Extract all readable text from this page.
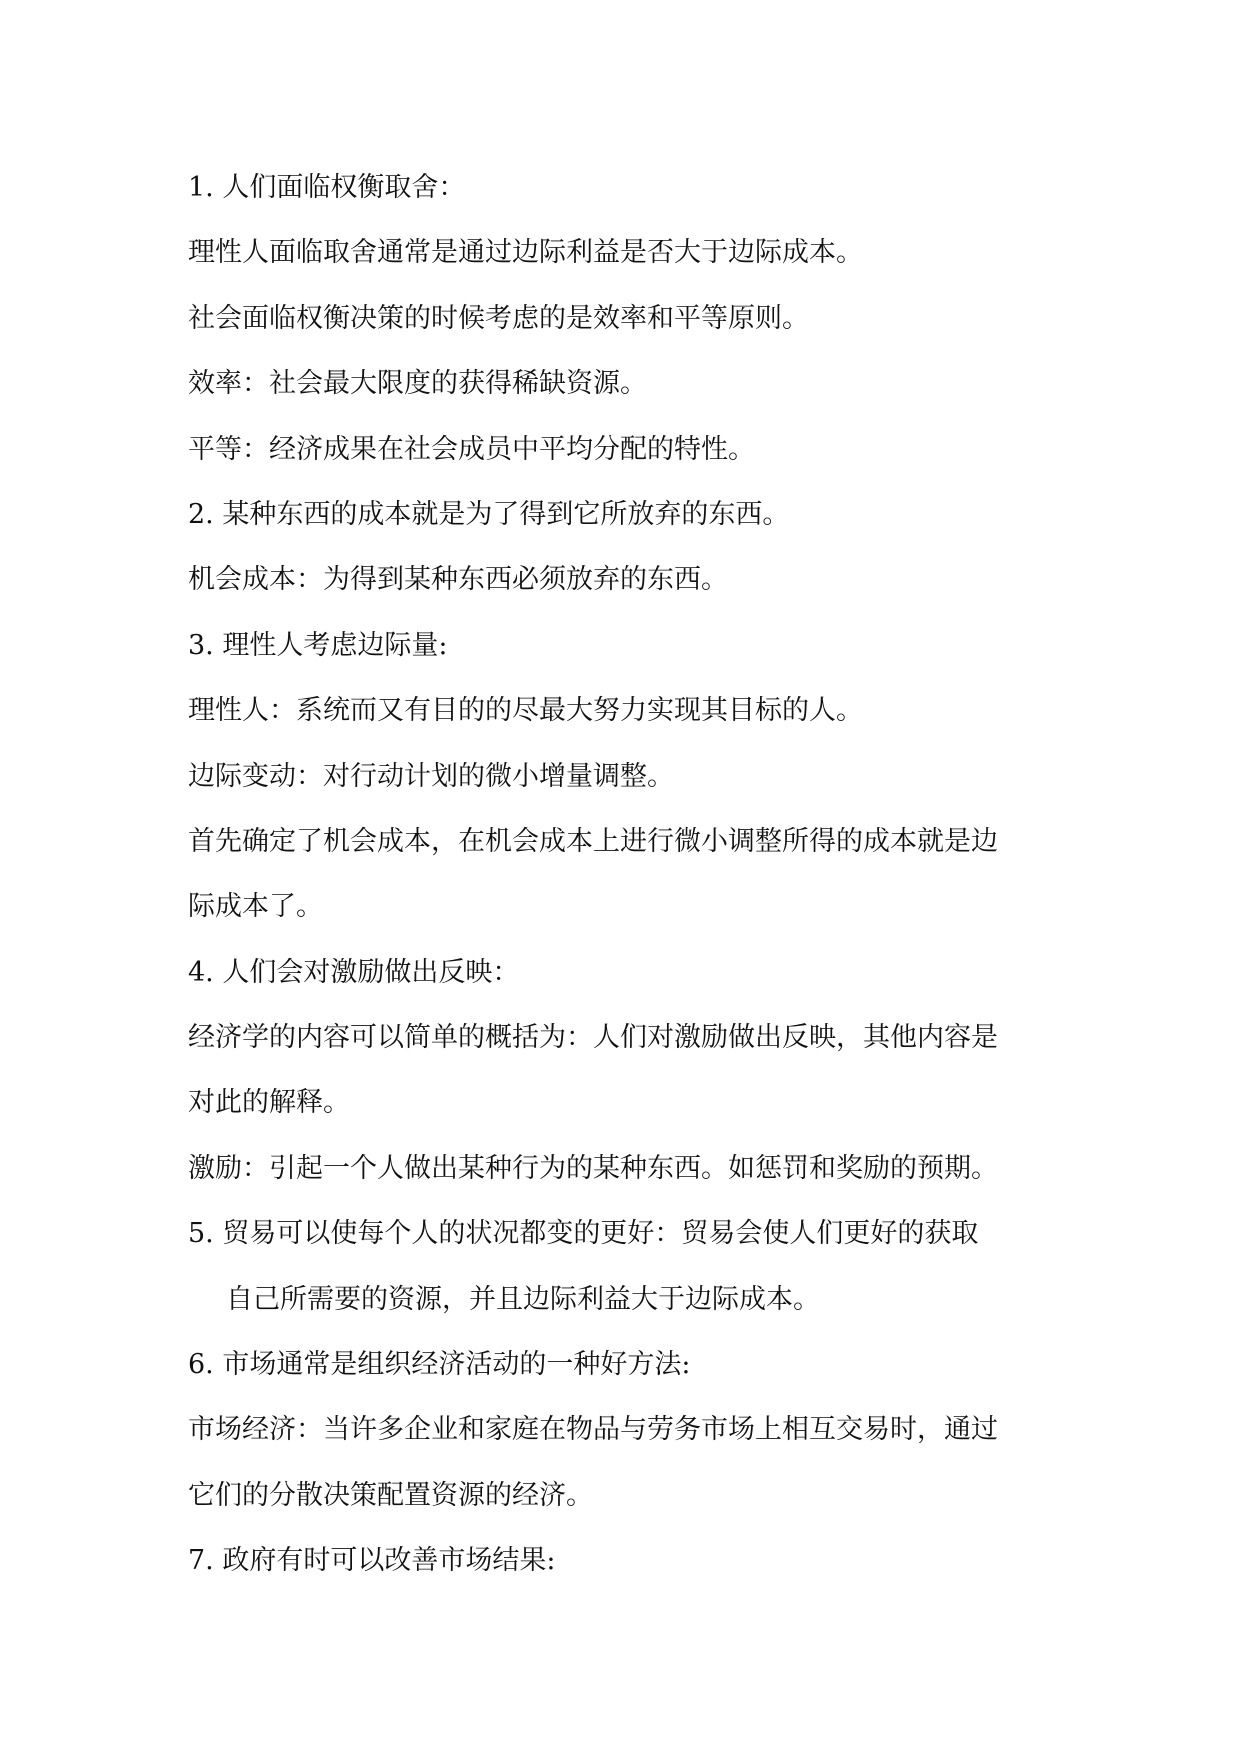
1. 人们面临权衡取舍：
理性人面临取舍通常是通过边际利益是否大于边际成本。
社会面临权衡决策的时候考虑的是效率和平等原则。
效率：社会最大限度的获得稀缺资源。
平等：经济成果在社会成员中平均分配的特性。
2. 某种东西的成本就是为了得到它所放弃的东西。
机会成本：为得到某种东西必须放弃的东西。
3. 理性人考虑边际量:
理性人：系统而又有目的的尽最大努力实现其目标的人。
边际变动：对行动计划的微小增量调整。
首先确定了机会成本，在机会成本上进行微小调整所得的成本就是边
际成本了。
4. 人们会对激励做出反映：
经济学的内容可以简单的概括为：人们对激励做出反映，其他内容是
对此的解释。
激励：引起一个人做出某种行为的某种东西。如惩罚和奖励的预期。
5. 贸易可以使每个人的状况都变的更好：贸易会使人们更好的获取
自己所需要的资源，并且边际利益大于边际成本。
6. 市场通常是组织经济活动的一种好方法:
市场经济：当许多企业和家庭在物品与劳务市场上相互交易时，通过
它们的分散决策配置资源的经济。
7. 政府有时可以改善市场结果:
